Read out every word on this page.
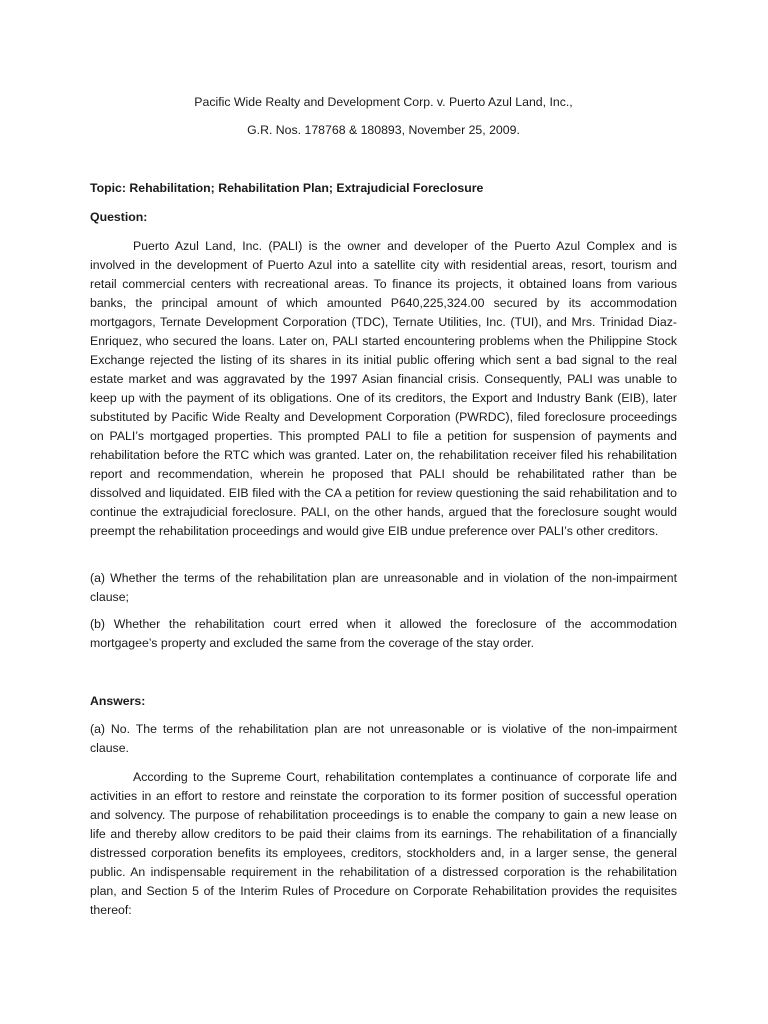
Pacific Wide Realty and Development Corp. v. Puerto Azul Land, Inc.,
G.R. Nos. 178768 & 180893, November 25, 2009.
Topic: Rehabilitation; Rehabilitation Plan; Extrajudicial Foreclosure
Question:

Puerto Azul Land, Inc. (PALI) is the owner and developer of the Puerto Azul Complex and is involved in the development of Puerto Azul into a satellite city with residential areas, resort, tourism and retail commercial centers with recreational areas. To finance its projects, it obtained loans from various banks, the principal amount of which amounted P640,225,324.00 secured by its accommodation mortgagors, Ternate Development Corporation (TDC), Ternate Utilities, Inc. (TUI), and Mrs. Trinidad Diaz-Enriquez, who secured the loans. Later on, PALI started encountering problems when the Philippine Stock Exchange rejected the listing of its shares in its initial public offering which sent a bad signal to the real estate market and was aggravated by the 1997 Asian financial crisis. Consequently, PALI was unable to keep up with the payment of its obligations. One of its creditors, the Export and Industry Bank (EIB), later substituted by Pacific Wide Realty and Development Corporation (PWRDC), filed foreclosure proceedings on PALI’s mortgaged properties. This prompted PALI to file a petition for suspension of payments and rehabilitation before the RTC which was granted. Later on, the rehabilitation receiver filed his rehabilitation report and recommendation, wherein he proposed that PALI should be rehabilitated rather than be dissolved and liquidated. EIB filed with the CA a petition for review questioning the said rehabilitation and to continue the extrajudicial foreclosure. PALI, on the other hands, argued that the foreclosure sought would preempt the rehabilitation proceedings and would give EIB undue preference over PALI’s other creditors.

(a) Whether the terms of the rehabilitation plan are unreasonable and in violation of the non-impairment clause;

(b) Whether the rehabilitation court erred when it allowed the foreclosure of the accommodation mortgagee’s property and excluded the same from the coverage of the stay order.

Answers:

(a) No. The terms of the rehabilitation plan are not unreasonable or is violative of the non-impairment clause.

According to the Supreme Court, rehabilitation contemplates a continuance of corporate life and activities in an effort to restore and reinstate the corporation to its former position of successful operation and solvency. The purpose of rehabilitation proceedings is to enable the company to gain a new lease on life and thereby allow creditors to be paid their claims from its earnings. The rehabilitation of a financially distressed corporation benefits its employees, creditors, stockholders and, in a larger sense, the general public. An indispensable requirement in the rehabilitation of a distressed corporation is the rehabilitation plan, and Section 5 of the Interim Rules of Procedure on Corporate Rehabilitation provides the requisites thereof:
